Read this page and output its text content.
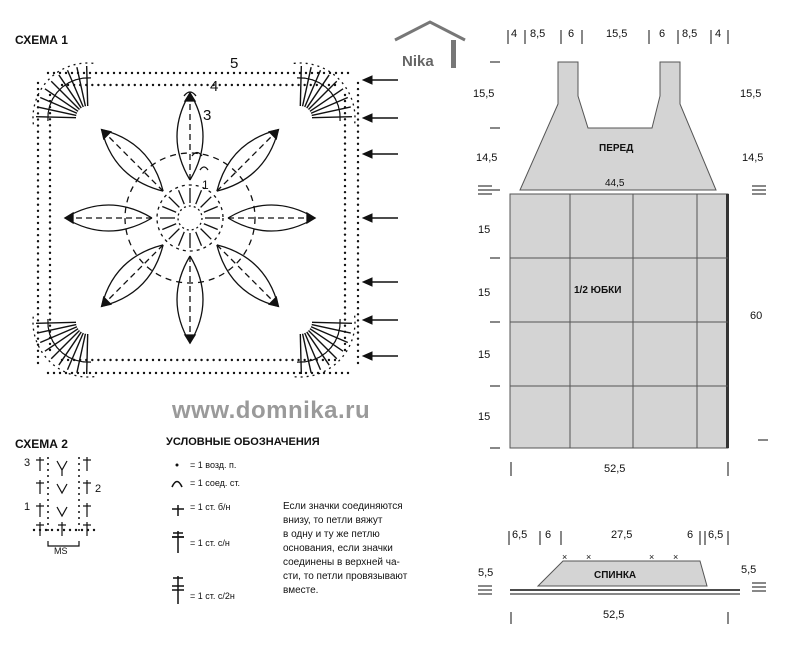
СХЕМА 1
5
4
3
1
www.domnika.ru
Nika
СХЕМА 2
3
2
1
MS
УСЛОВНЫЕ ОБОЗНАЧЕНИЯ
= 1 возд. п.
= 1 соед. ст.
= 1 ст. б/н
= 1 ст. с/н
= 1 ст. с/2н
Если значки соединяются
внизу, то петли вяжут
в одну и ту же петлю
основания, если значки
соединены в верхней ча-
сти, то петли провязывают
вместе.
× ×	× ×
4 8,5 6	15,5	6 8,5 4
15,5
14,5
15
15
15
15
15,5
14,5
60
ПЕРЕД
44,5
1/2 ЮБКИ
52,5
6,5 6	27,5	6 6,5
5,5	5,5
СПИНКА
52,5
